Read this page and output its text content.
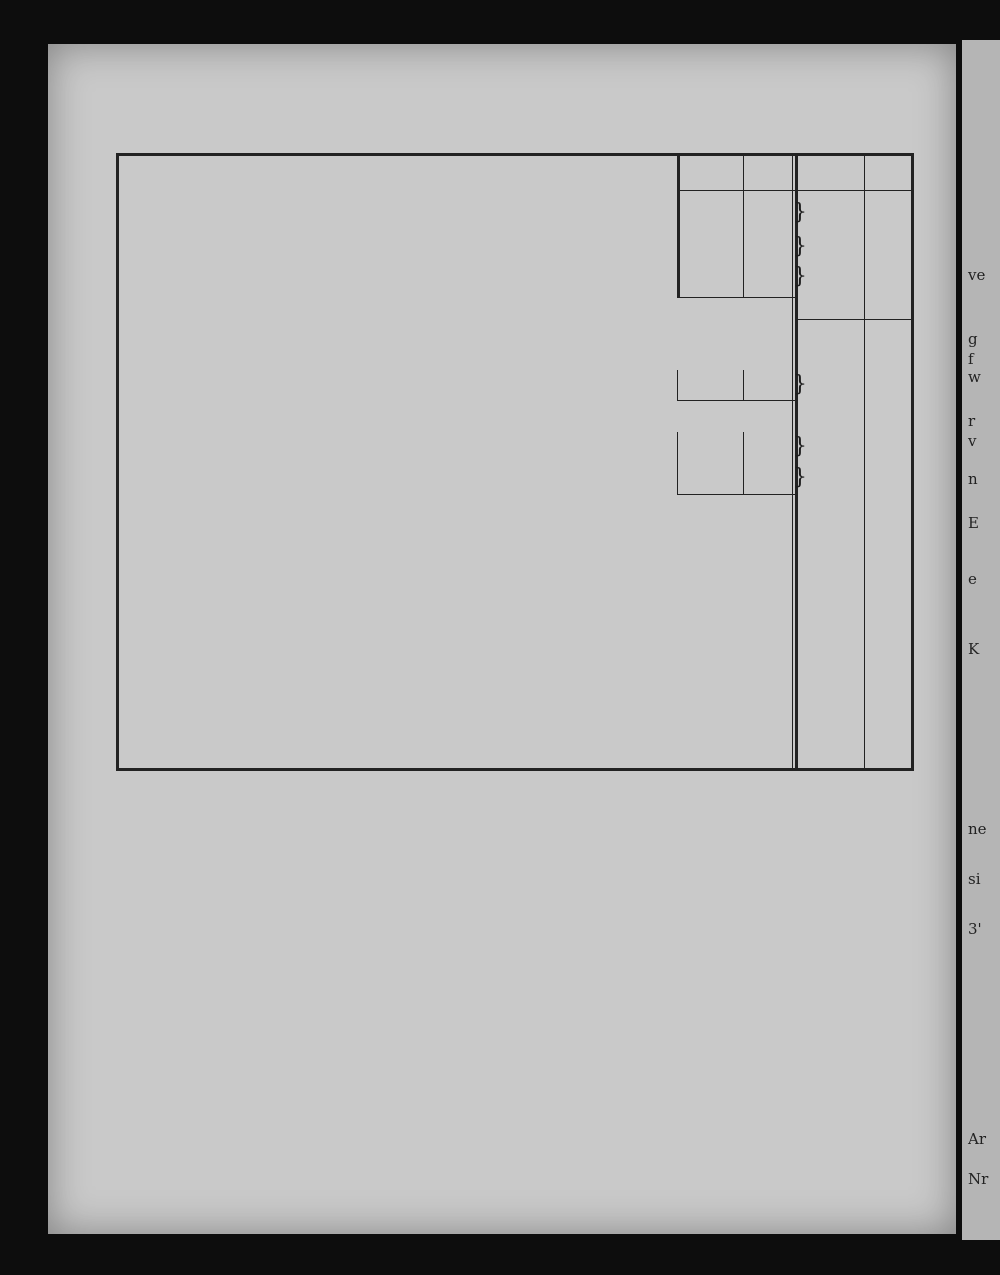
ve
g
f
w
r
v
n
E
e
K
ne
si
3'
Ar
Nr
}
}
}
}
}
}
